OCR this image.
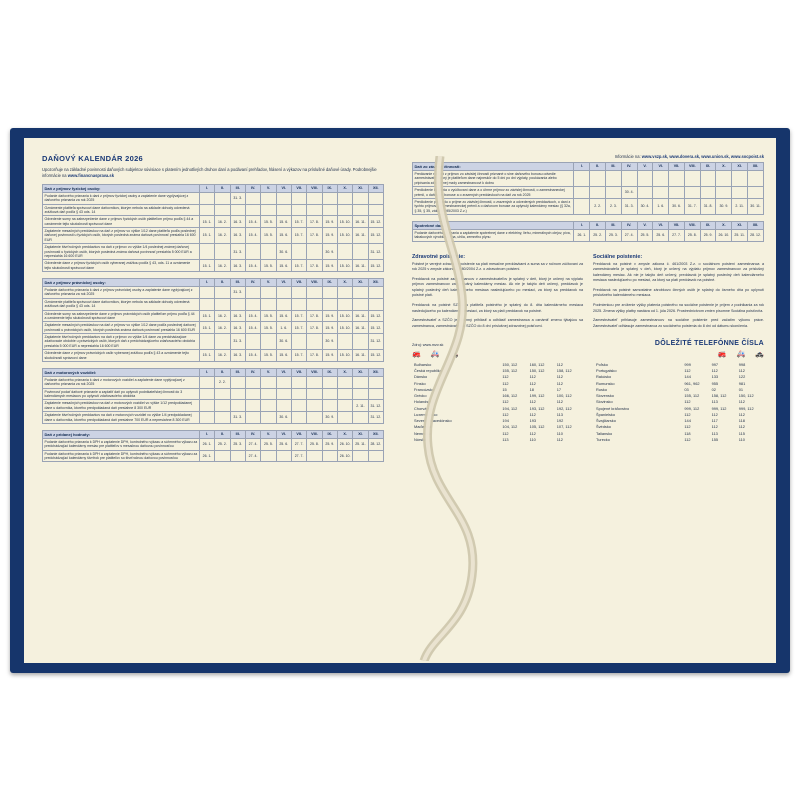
DAŇOVÝ KALENDÁR 2026
Upozorňuje na základné povinnosti daňových subjektov súvisiace s platením jednotlivých druhov daní a podávaní prehľadov, hlásení a výkazov na príslušné daňové úrady. Podrobnejšie informácie na www.financnasprava.sk
Daň z príjmov fyzickej osoby:	I.	II.	III.	IV.	V.	VI.	VII.	VIII.	IX.	X.	XI.	XII.
Podanie daňového priznania k dani z príjmov fyzickej osoby a zaplatenie dane vyplývajúcej z daňového priznania za rok 2025			31. 3.									
Oznámenie platiteľa správcovi dane daňovníkov, ktorým nebola na základe dohody odvedená zrážková daň podľa § 43 ods. 14												
Odvedenie sumy na zabezpečenie dane z príjmov fyzických osôb platiteľom príjmu podľa § 44 a oznámenie tejto skutočnosti správcovi dane	15. 1.	16. 2.	16. 3.	15. 4.	15. 5.	15. 6.	15. 7.	17. 8.	15. 9.	15. 10.	16. 11.	15. 12.
Zaplatenie mesačných preddavkov na daň z príjmov vo výške 1/12 dane platiteľa podľa poslednej daňovej povinnosti u fyzických osôb, ktorých posledná známa daňová povinnosť presiahla 16 600 EUR	15. 1.	16. 2.	16. 3.	15. 4.	15. 5.	15. 6.	15. 7.	17. 8.	15. 9.	15. 10.	16. 11.	15. 12.
Zaplatenie štvrťročných preddavkov na daň z príjmov vo výške 1/4 poslednej známej daňovej povinnosti u fyzických osôb, ktorých posledná známa daňová povinnosť presiahla 5 000 EUR a nepresiahla 16 600 EUR			31. 3.			30. 6.			30. 9.			31. 12.
Odvedenie dane z príjmov fyzických osôb vyberanej zrážkou podľa § 43, ods. 11 a oznámenie tejto skutočnosti správcovi dane	15. 1.	16. 2.	16. 3.	15. 4.	15. 5.	15. 6.	15. 7.	17. 8.	15. 9.	15. 10.	16. 11.	15. 12.
Daň z príjmov právnickej osoby:	I.	II.	III.	IV.	V.	VI.	VII.	VIII.	IX.	X.	XI.	XII.
Podanie daňového priznania k dani z príjmov právnickej osoby a zaplatenie dane vyplývajúcej z daňového priznania za rok 2025			31. 3.									
Oznámenie platiteľa správcovi dane daňovníkov, ktorým nebola na základe dohody odvedená zrážková daň podľa § 43 ods. 14												
Odvedenie sumy na zabezpečenie dane z príjmov právnických osôb platiteľom príjmu podľa § 44 a oznámenie tejto skutočnosti správcovi dane	15. 1.	16. 2.	16. 3.	15. 4.	15. 5.	15. 6.	15. 7.	17. 8.	15. 9.	15. 10.	16. 11.	15. 12.
Zaplatenie mesačných preddavkov na daň z príjmov vo výške 1/12 dane podľa poslednej daňovej povinnosti u právnických osôb, ktorých posledná známa daňová povinnosť presiahla 16 600 EUR	15. 1.	16. 2.	16. 3.	15. 4.	15. 5.	1. 6.	15. 7.	17. 8.	15. 9.	15. 10.	16. 11.	15. 12.
Zaplatenie štvrťročných preddavkov na daň z príjmov vo výške 1/4 dane za predchádzajúce zdaňovacie obdobie u právnických osôb, ktorých daň z predchádzajúceho zdaňovacieho obdobia presiahla 5 000 EUR a nepresiahla 16 600 EUR			31. 3.			30. 6.			30. 9.			31. 12.
Odvedenie dane z príjmov právnických osôb vyberanej zrážkou podľa § 43 a oznámenie tejto skutočnosti správcovi dane	15. 1.	16. 2.	16. 3.	15. 4.	15. 5.	15. 6.	15. 7.	17. 8.	15. 9.	15. 10.	16. 11.	15. 12.
Daň z motorových vozidiel:	I.	II.	III.	IV.	V.	VI.	VII.	VIII.	IX.	X.	XI.	XII.
Podanie daňového priznania k dani z motorových vozidiel a zaplatenie dane vyplývajúcej z daňového priznania za rok 2025		2. 2.										
Povinnosť podať daňové priznanie a zaplatiť daň po uplynutí podnikateľskej činnosti do 3 kalendárnych mesiacov po uplynutí zdaňovacieho obdobia												
Zaplatenie mesačných preddavkov na daň z motorových vozidiel vo výške 1/12 predpokladanej dane u daňovníka, ktorého predpokladaná daň presiahne 8 300 EUR											2. 11.	31. 12.
Zaplatenie štvrťročných preddavkov na daň z motorových vozidiel vo výške 1/4 predpokladanej dane u daňovníka, ktorého predpokladaná daň presiahne 700 EUR a nepresiahne 8 300 EUR			31. 3.			30. 6.			30. 9.			31. 12.
Daň z pridanej hodnoty:	I.	II.	III.	IV.	V.	VI.	VII.	VIII.	IX.	X.	XI.	XII.
Podanie daňového priznania k DPH a zaplatenie DPH, kontrolného výkazu a súhrnného výkazu za predchádzajúci kalendárny mesiac pre platiteľov s mesačnou daňovou povinnosťou	26. 1.	25. 2.	25. 3.	27. 4.	25. 5.	25. 6.	27. 7.	25. 8.	25. 9.	26. 10.	25. 11.	28. 12.
Podanie daňového priznania k DPH a zaplatenie DPH, kontrolného výkazu a súhrnného výkazu za predchádzajúci kalendárny štvrťrok pre platiteľov so štvrťročnou daňovou povinnosťou	26. 1.			27. 4.			27. 7.			26. 10.		
Informácie na: www.vszp.sk, www.dovera.sk, www.union.sk, www.socpoist.sk
Daň zo závislej činnosti:	I.	II.	III.	IV.	V.	VI.	VII.	VIII.	IX.	X.	XI.	XII.
Predávanie na daň z príjmov zo závislej činnosti priznané o sine daňového bonusu odvedie zamestnávateľ, ktorý je platiteľom dane najneskôr do 5 dní po dni výplaty, poukázania alebo pripísania zdaniteľnej mzdy zamestnancovi k dobru												
Predloženie hlásenia o vyúčtovaní dane a o úhrne príjmov zo závislej činnosti, o zamestnaneckej prémii, o daňovom bonuse a o zrazených preddavkoch na daň za rok 2025				30. 4.								
Predloženie prehľadu o príjme zo závislej činnosti, o zrazených a odvedených preddavkoch, o dani z tychto príjmov, o zamestnaneckej prémii a o daňovom bonuse za uplynulý kalendárny mesiac (§ 32a, § 35, § 35, zákona 595/2003 Z.z.)		2. 2.	2. 3.	31. 3.	30. 4.	1. 6.	30. 6.	31. 7.	31. 8.	30. 9.	2. 11.	30. 11.
Spotrebné dane:	I.	II.	III.	IV.	V.	VI.	VII.	VIII.	IX.	X.	XI.	XII.
Podanie daňového priznania a zaplatenie spotrebnej dane z elektriny, liehu, minerálnych olejov, piva, tabakových výrobkov, vína, uhlia, zemného plynu	26. 1.	25. 2.	25. 3.	27. 4.	25. 5.	25. 6.	27. 7.	25. 8.	25. 9.	26. 10.	25. 11.	28. 12.
Zdravotné poistenie:

Poistné je verejné zdravotné poistenie sa platí mesačne preddavkami a suma sa v ročnom zúčtovaní za rok 2025 v zmysle zákona č. 580/2004 Z.z. o zdravotnom poistení.

Preddavok na poistné zamestnancov v zamestnávateľov je splatný v deň, ktorý je určený na výplatu príjmov zamestnancov za príslušný kalendárny mesiac. Ak nie je takýto deň určený, preddavok je splatný posledný deň kalendárneho mesiaca nasledujúceho po mesiaci, za ktorý sa preddavok na poistné platí.

Preddavok na poistné SZČO a platiteľa poistného je splatný do 8. dňa kalendárneho mesiaca nasledujúceho po kalendárnom mesiaci, za ktorý sa platí preddavok na poistné.

Zamestnávateľ a SZČO je povinný prihlásiť a odhlásiť zamestnanca a oznámiť zmenu týkajúcu sa zamestnanca, zamestnávateľa a SZČO do 8 dní príslušnej zdravotnej poisťovni.

Sociálne poistenie:

Preddavok na poistné v zmysle zákona č. 461/2003 Z.z. o sociálnom poistení zamestnanca a zamestnávateľa je splatný v deň, ktorý je určený na výplatu príjmov zamestnancov za príslušný kalendárny mesiac. Ak nie je takýto deň určený, preddavok je splatný posledný deň kalendárneho mesiaca nasledujúceho po mesiaci, za ktorý sa platí preddavok na poistné.

Preddavok na poistné samostatne zárobkovo činných osôb je splatný do ôsmeho dňa po uplynutí príslušného kalendárneho mesiaca.

Podmienkou pre zníženie výšky platenia poistného na sociálne poistenie je príjem z podnikania za rok 2025. Zmena výšky platby nastáva od 1. júla 2026. Prostredníctvom zmien písomne Sociálna poisťovňa.

Zamestnávateľ prihlasuje zamestnancov na sociálne poistenie pred začatím výkonu práce. Zamestnávateľ odhlasuje zamestnanca zo sociálneho poistenia do 8 dní od dátumu skončenia.

Zdroj: www.mzv.sk	DÔLEŽITÉ TELEFÓNNE ČÍSLA
🚒 🚑 🚓	🚒 🚑 🚓
Bulharsko	150, 112	160, 112	112
Česká republika	155, 112	150, 112	158, 112
Dánsko	112	112	112
Fínsko	112	112	112
Francúzsko	15	18	17
Grécko	166, 112	199, 112	100, 112
Holandsko	112	112	112
Chorvátsko	194, 112	193, 112	192, 112
Luxembursko	112	112	113
Severné Macedónsko	194	193	192
Maďarsko	104, 112	105, 112	107, 112
Nemecko	112	112	110
Nórsko	113	110	112
Poľsko	999	997	998
Portugalsko	112	112	112
Rakúsko	144	133	122
Rumunsko	961, 962	955	981
Rusko	03	02	01
Slovensko	155, 112	158, 112	150, 112
Slovinsko	112	113	112
Spojené kráľovstvo	999, 112	999, 112	999, 112
Španielsko	112	112	112
Švajčiarsko	144	117	118
Švédsko	112	112	112
Taliansko	118	113	115
Turecko	112	155	110
